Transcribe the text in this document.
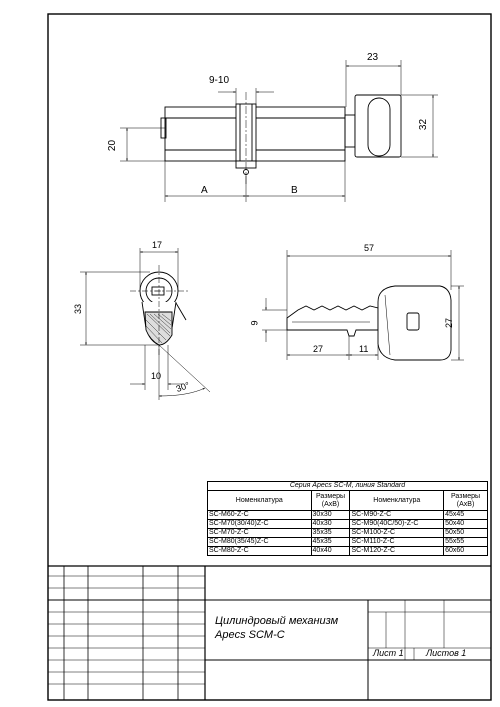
A	B
9-10
20
23
32
17
33
10
30°
57
9
27	11
27
Серия Apecs SC-M, линия Standard			
Номенклатура	Размеры (AxB)	Номенклатура	Размеры (AxB)
SC-M60-Z-C	30x30	SC-M90-Z-C	45x45
SC-M70(30/40)Z-C	40x30	SC-M90(40C/50)-Z-C	50x40
SC-M70-Z-C	35x35	SC-M100-Z-C	50x50
SC-M80(35/45)Z-C	45x35	SC-M110-Z-C	55x55
SC-M80-Z-C	40x40	SC-M120-Z-C	60x60
Цилиндровый механизм
Apecs SCM-C
Лист 1 Листов 1
